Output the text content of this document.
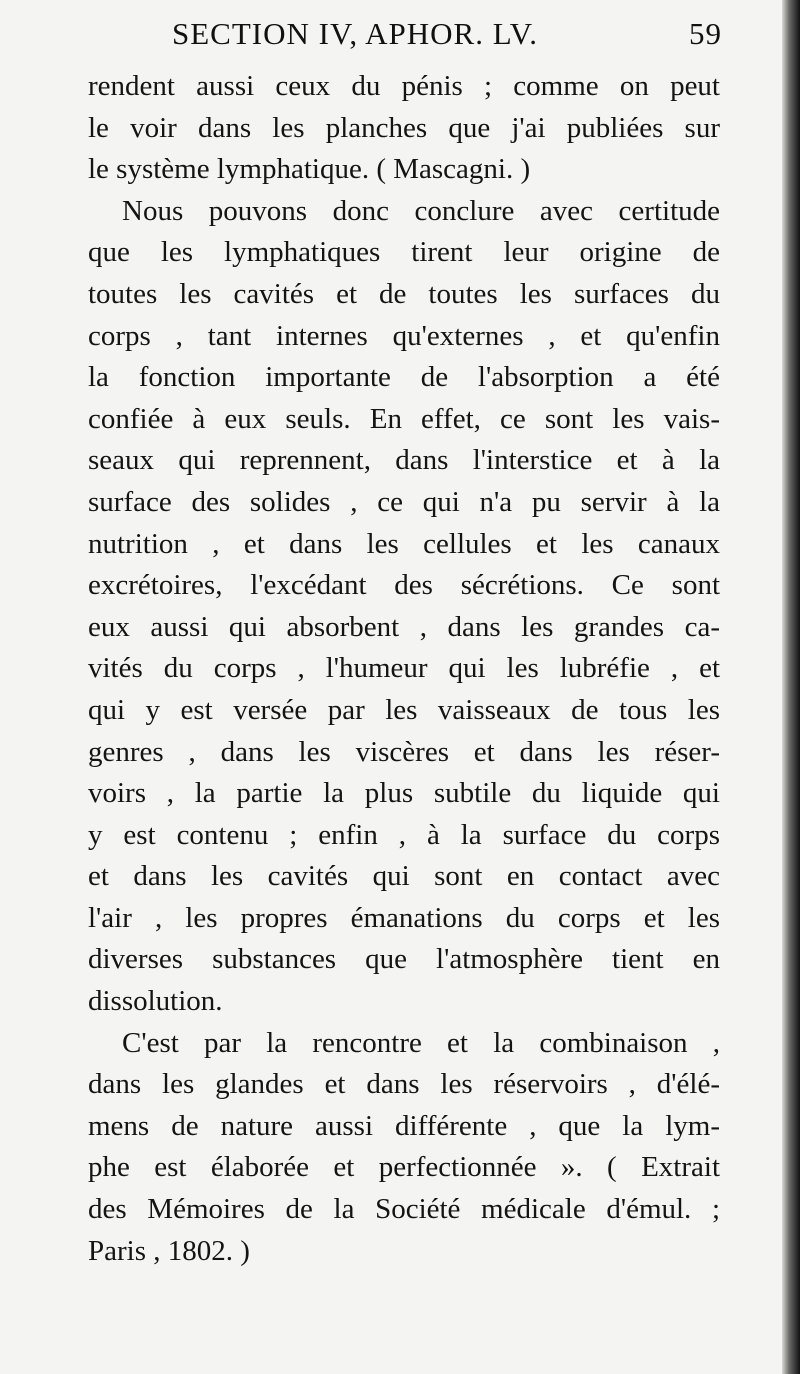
SECTION IV, APHOR. LV.	59
rendent aussi ceux du pénis ; comme on peut
le voir dans les planches que j'ai publiées sur
le système lymphatique. ( Mascagni. )
Nous pouvons donc conclure avec certitude
que les lymphatiques tirent leur origine de
toutes les cavités et de toutes les surfaces du
corps , tant internes qu'externes , et qu'enfin
la fonction importante de l'absorption a été
confiée à eux seuls. En effet, ce sont les vais-
seaux qui reprennent, dans l'interstice et à la
surface des solides , ce qui n'a pu servir à la
nutrition , et dans les cellules et les canaux
excrétoires, l'excédant des sécrétions. Ce sont
eux aussi qui absorbent , dans les grandes ca-
vités du corps , l'humeur qui les lubréfie , et
qui y est versée par les vaisseaux de tous les
genres , dans les viscères et dans les réser-
voirs , la partie la plus subtile du liquide qui
y est contenu ; enfin , à la surface du corps
et dans les cavités qui sont en contact avec
l'air , les propres émanations du corps et les
diverses substances que l'atmosphère tient en
dissolution.
C'est par la rencontre et la combinaison ,
dans les glandes et dans les réservoirs , d'élé-
mens de nature aussi différente , que la lym-
phe est élaborée et perfectionnée ». ( Extrait
des Mémoires de la Société médicale d'émul. ;
Paris , 1802. )
